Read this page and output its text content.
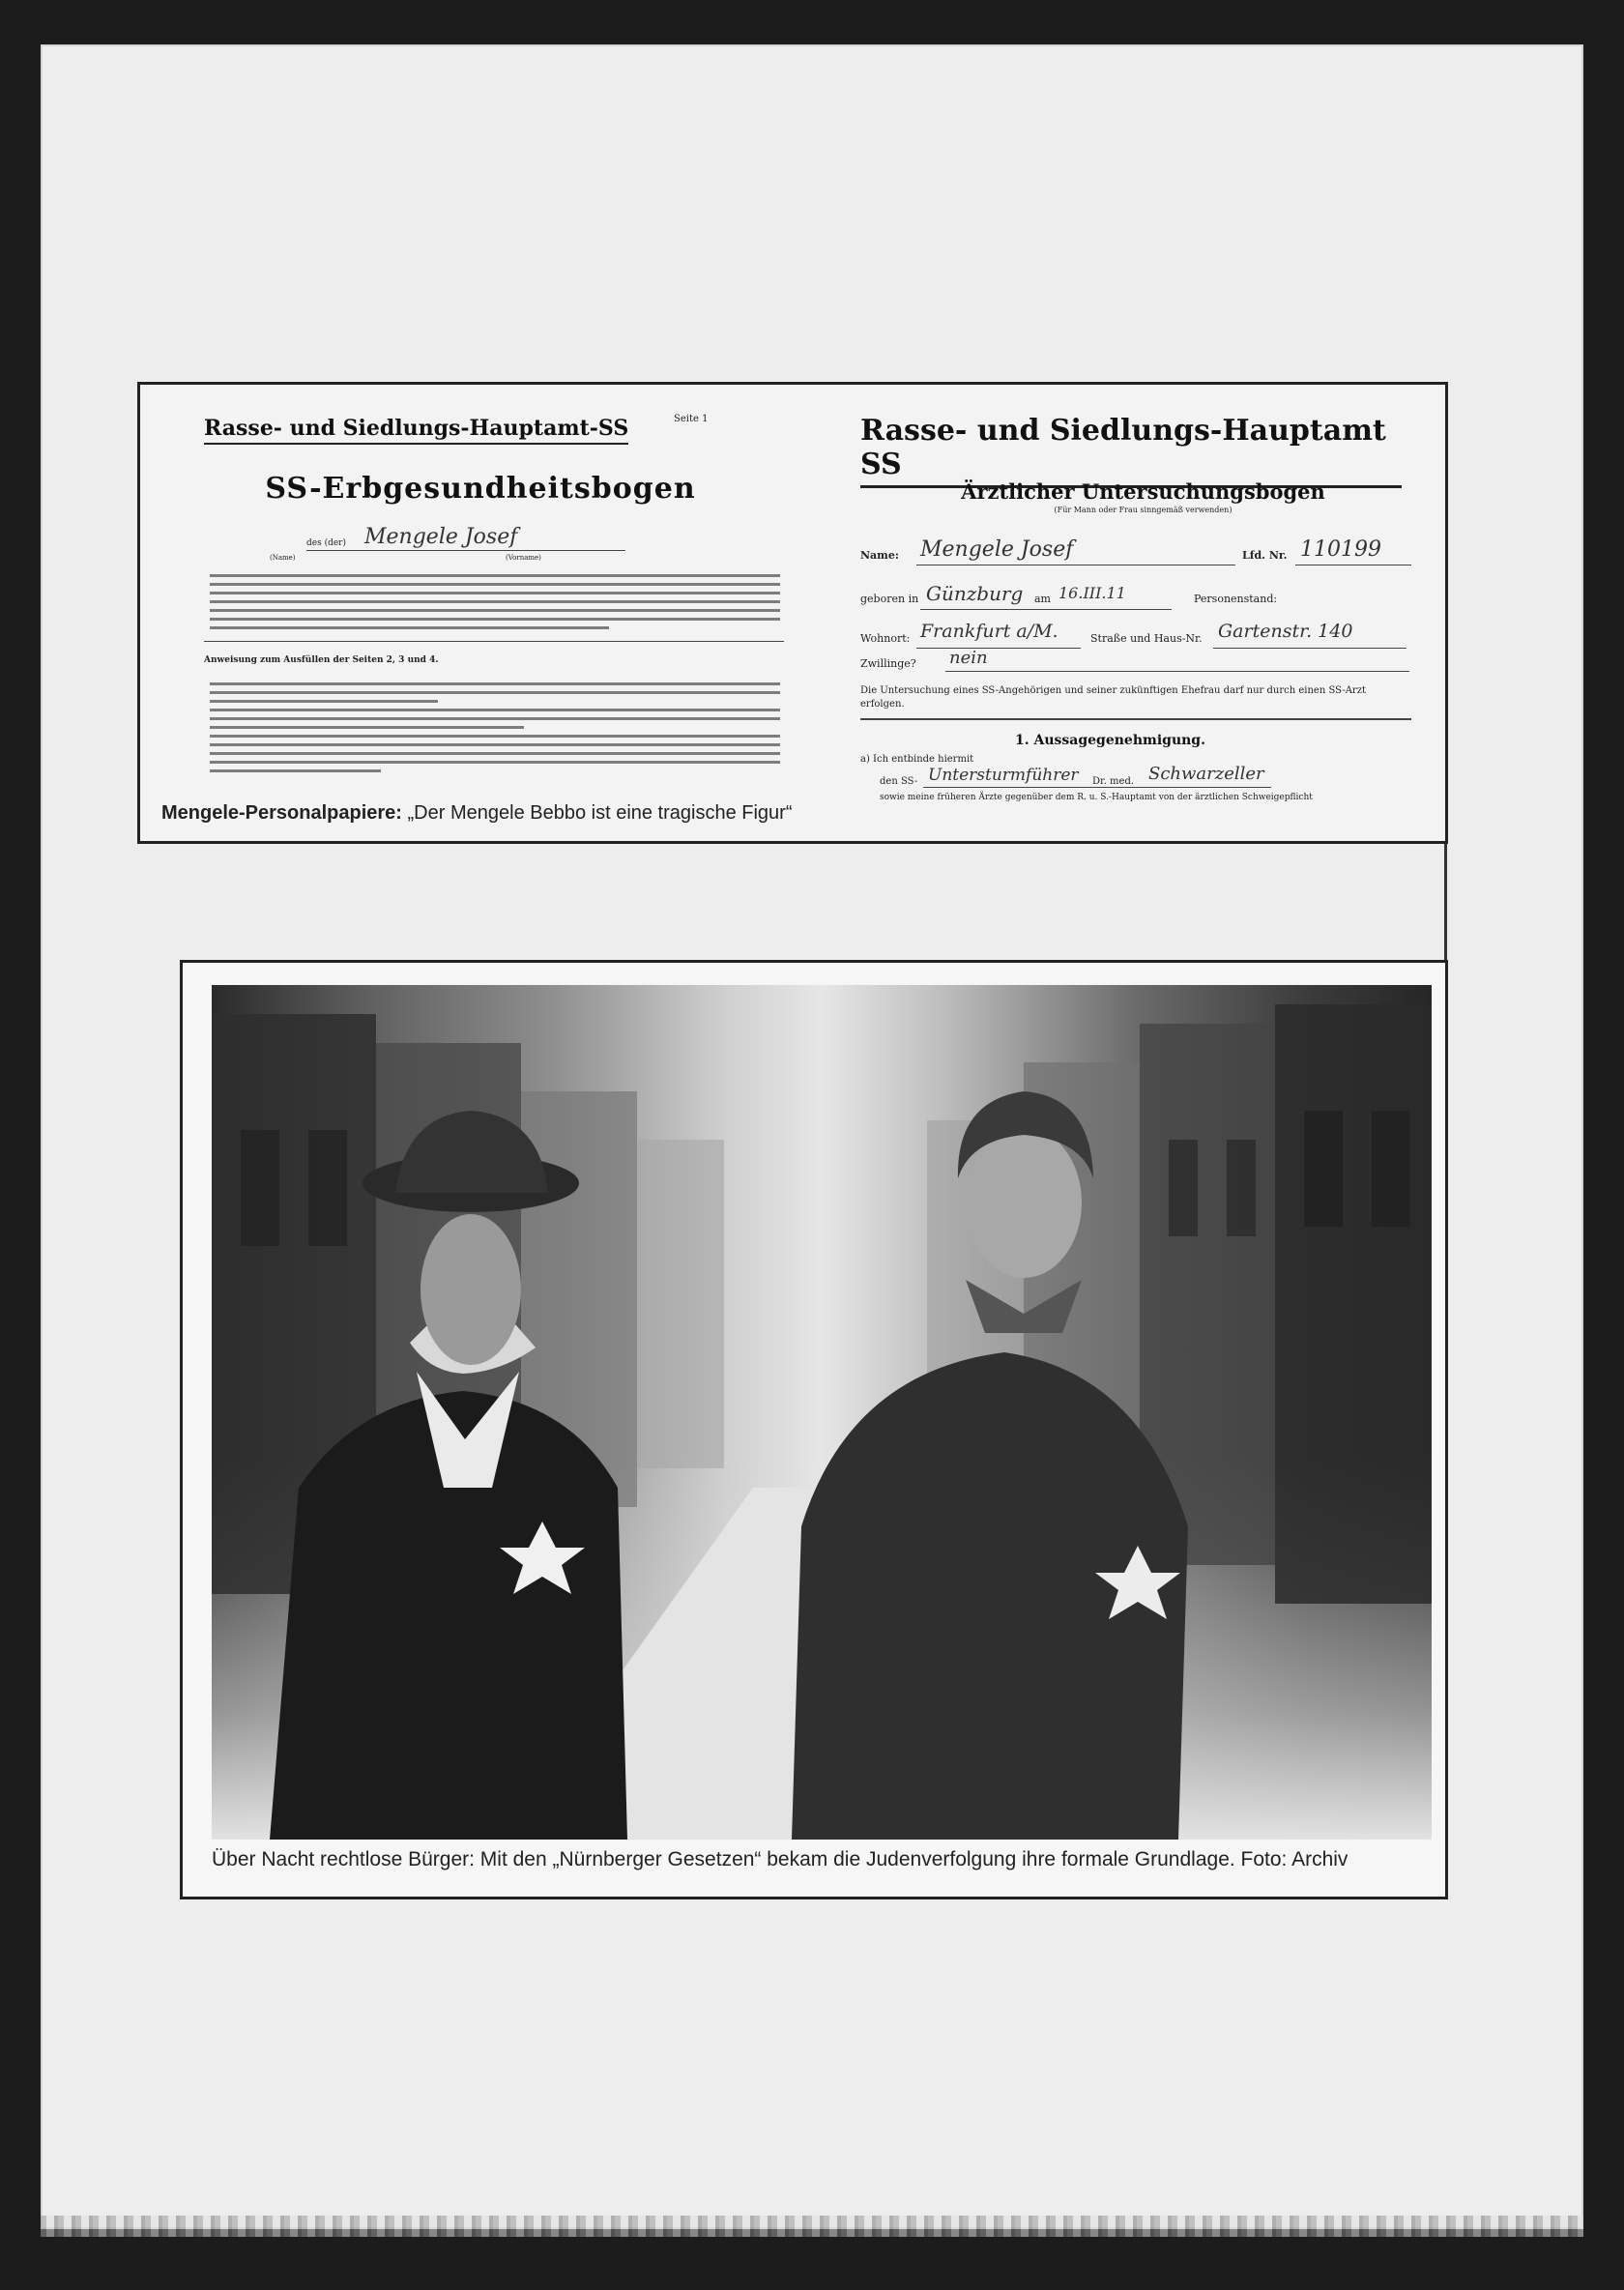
Rasse- und Siedlungs-Hauptamt-SS	Seite 1
SS-Erbgesundheitsbogen
des (der) Mengele Josef
(Name)	(Vorname)
Anweisung zum Ausfüllen der Seiten 2, 3 und 4.
Rasse- und Siedlungs-Hauptamt SS
Ärztlicher Untersuchungsbogen
(Für Mann oder Frau sinngemäß verwenden)
Name: Mengele Josef	Lfd. Nr. 110199
geboren in Günzburg am 16.III.11	Personenstand:
Wohnort: Frankfurt a/M.	Straße und Haus-Nr. Gartenstr. 140
Zwillinge? nein
Die Untersuchung eines SS-Angehörigen und seiner zukünftigen Ehefrau darf nur durch einen SS-Arzt erfolgen.
1. Aussagegenehmigung.
a) Ich entbinde hiermit
den SS- Untersturmführer Dr. med. Schwarzeller
sowie meine früheren Ärzte gegenüber dem R. u. S.-Hauptamt von der ärztlichen Schweigepflicht
Mengele-Personalpapiere: „Der Mengele Bebbo ist eine tragische Figur“
Über Nacht rechtlose Bürger: Mit den „Nürnberger Gesetzen“ bekam die Judenverfolgung ihre formale Grundlage. Foto: Archiv
